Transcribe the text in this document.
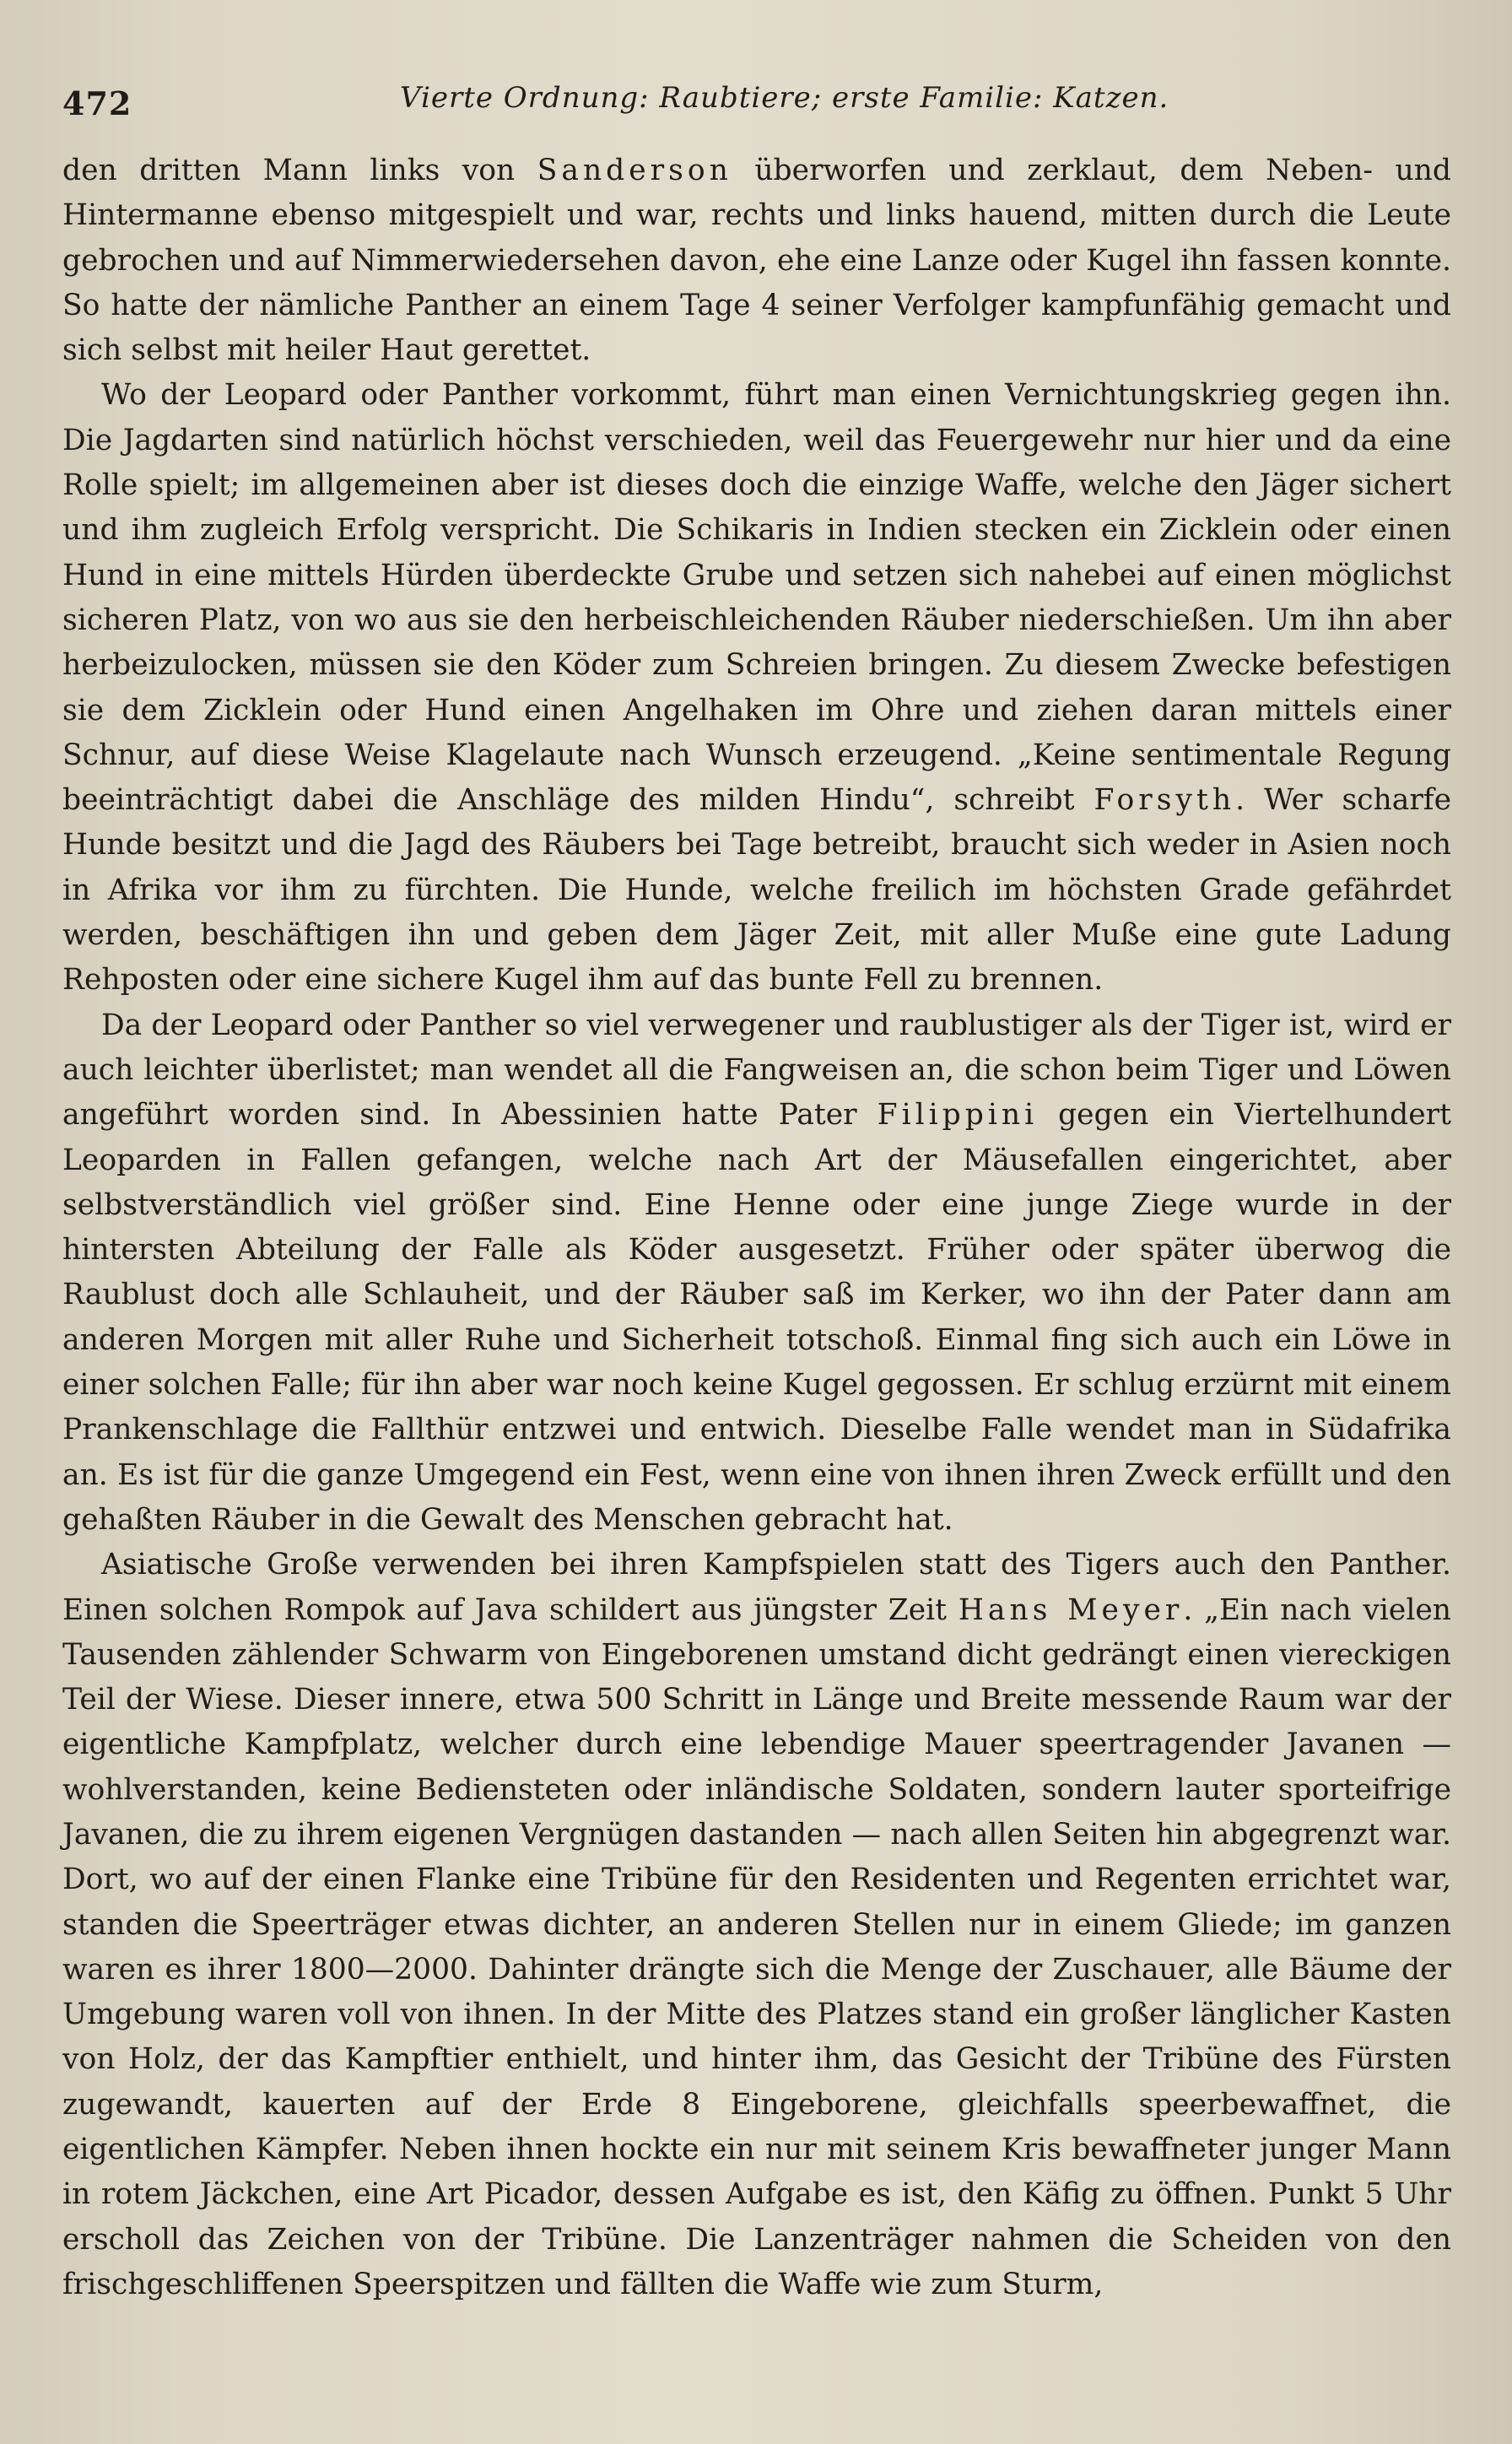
472	Vierte Ordnung: Raubtiere; erste Familie: Katzen.

den dritten Mann links von Sanderson überworfen und zerklaut, dem Neben- und Hintermanne ebenso mitgespielt und war, rechts und links hauend, mitten durch die Leute gebrochen und auf Nimmerwiedersehen davon, ehe eine Lanze oder Kugel ihn fassen konnte. So hatte der nämliche Panther an einem Tage 4 seiner Verfolger kampfunfähig gemacht und sich selbst mit heiler Haut gerettet.

Wo der Leopard oder Panther vorkommt, führt man einen Vernichtungskrieg gegen ihn. Die Jagdarten sind natürlich höchst verschieden, weil das Feuergewehr nur hier und da eine Rolle spielt; im allgemeinen aber ist dieses doch die einzige Waffe, welche den Jäger sichert und ihm zugleich Erfolg verspricht. Die Schikaris in Indien stecken ein Zicklein oder einen Hund in eine mittels Hürden überdeckte Grube und setzen sich nahebei auf einen möglichst sicheren Platz, von wo aus sie den herbeischleichenden Räuber niederschießen. Um ihn aber herbeizulocken, müssen sie den Köder zum Schreien bringen. Zu diesem Zwecke befestigen sie dem Zicklein oder Hund einen Angelhaken im Ohre und ziehen daran mittels einer Schnur, auf diese Weise Klagelaute nach Wunsch erzeugend. „Keine sentimentale Regung beeinträchtigt dabei die Anschläge des milden Hindu“, schreibt Forsyth. Wer scharfe Hunde besitzt und die Jagd des Räubers bei Tage betreibt, braucht sich weder in Asien noch in Afrika vor ihm zu fürchten. Die Hunde, welche freilich im höchsten Grade gefährdet werden, beschäftigen ihn und geben dem Jäger Zeit, mit aller Muße eine gute Ladung Rehposten oder eine sichere Kugel ihm auf das bunte Fell zu brennen.

Da der Leopard oder Panther so viel verwegener und raublustiger als der Tiger ist, wird er auch leichter überlistet; man wendet all die Fangweisen an, die schon beim Tiger und Löwen angeführt worden sind. In Abessinien hatte Pater Filippini gegen ein Viertelhundert Leoparden in Fallen gefangen, welche nach Art der Mäusefallen eingerichtet, aber selbstverständlich viel größer sind. Eine Henne oder eine junge Ziege wurde in der hintersten Abteilung der Falle als Köder ausgesetzt. Früher oder später überwog die Raublust doch alle Schlauheit, und der Räuber saß im Kerker, wo ihn der Pater dann am anderen Morgen mit aller Ruhe und Sicherheit totschoß. Einmal fing sich auch ein Löwe in einer solchen Falle; für ihn aber war noch keine Kugel gegossen. Er schlug erzürnt mit einem Prankenschlage die Fallthür entzwei und entwich. Dieselbe Falle wendet man in Südafrika an. Es ist für die ganze Umgegend ein Fest, wenn eine von ihnen ihren Zweck erfüllt und den gehaßten Räuber in die Gewalt des Menschen gebracht hat.

Asiatische Große verwenden bei ihren Kampfspielen statt des Tigers auch den Panther. Einen solchen Rompok auf Java schildert aus jüngster Zeit Hans Meyer. „Ein nach vielen Tausenden zählender Schwarm von Eingeborenen umstand dicht gedrängt einen viereckigen Teil der Wiese. Dieser innere, etwa 500 Schritt in Länge und Breite messende Raum war der eigentliche Kampfplatz, welcher durch eine lebendige Mauer speertragender Javanen — wohlverstanden, keine Bediensteten oder inländische Soldaten, sondern lauter sporteifrige Javanen, die zu ihrem eigenen Vergnügen dastanden — nach allen Seiten hin abgegrenzt war. Dort, wo auf der einen Flanke eine Tribüne für den Residenten und Regenten errichtet war, standen die Speerträger etwas dichter, an anderen Stellen nur in einem Gliede; im ganzen waren es ihrer 1800—2000. Dahinter drängte sich die Menge der Zuschauer, alle Bäume der Umgebung waren voll von ihnen. In der Mitte des Platzes stand ein großer länglicher Kasten von Holz, der das Kampftier enthielt, und hinter ihm, das Gesicht der Tribüne des Fürsten zugewandt, kauerten auf der Erde 8 Eingeborene, gleichfalls speerbewaffnet, die eigentlichen Kämpfer. Neben ihnen hockte ein nur mit seinem Kris bewaffneter junger Mann in rotem Jäckchen, eine Art Picador, dessen Aufgabe es ist, den Käfig zu öffnen. Punkt 5 Uhr erscholl das Zeichen von der Tribüne. Die Lanzenträger nahmen die Scheiden von den frischgeschliffenen Speerspitzen und fällten die Waffe wie zum Sturm,
